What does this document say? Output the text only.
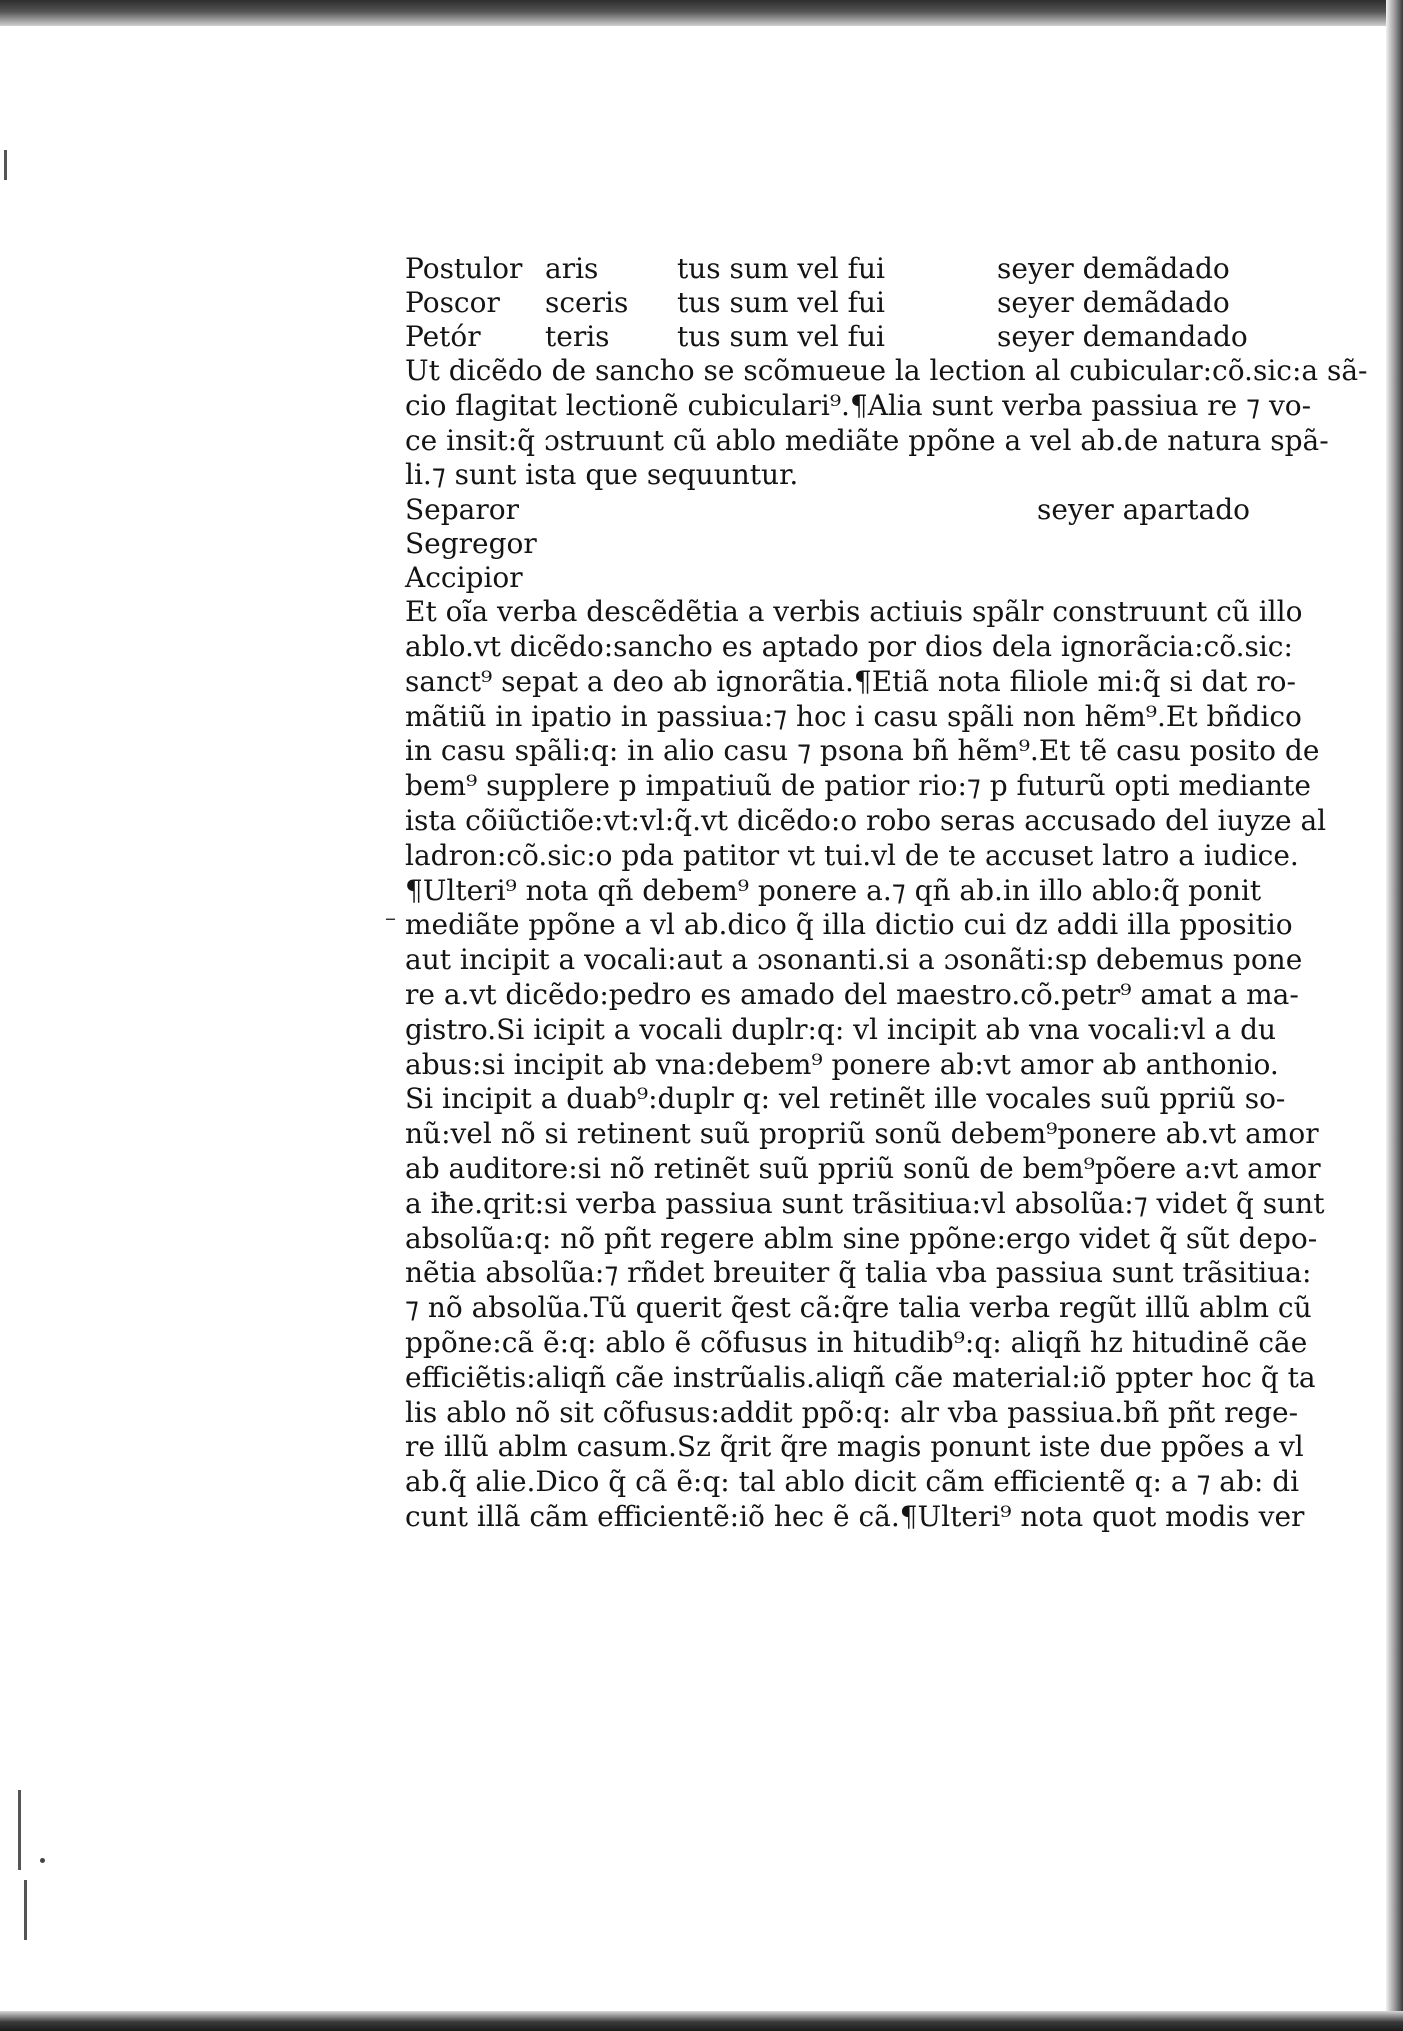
–
Postulor	aris	tus sum vel fui	seyer demãdado
Poscor	sceris	tus sum vel fui	seyer demãdado
Petór	teris	tus sum vel fui	seyer demandado
Ut dicẽdo de sancho se scõmueue la lection al cubicular:cõ.sic:a sã-
cio flagitat lectionẽ cubiculari⁹.¶Alia sunt verba passiua re ⁊ vo-
ce insit:q̃ ɔstruunt cũ ablo mediãte ppõne a vel ab.de natura spã-
li.⁊ sunt ista que sequuntur.
Separor	seyer apartado
Segregor
Accipior
Et oĩa verba descẽdẽtia a verbis actiuis spãlr construunt cũ illo
ablo.vt dicẽdo:sancho es aptado por dios dela ignorãcia:cõ.sic:
sanct⁹ sepat a deo ab ignorãtia.¶Etiã nota filiole mi:q̃ si dat ro-
mãtiũ in ipatio in passiua:⁊ hoc i casu spãli non hẽm⁹.Et bñdico
in casu spãli:q: in alio casu ⁊ psona bñ hẽm⁹.Et tẽ casu posito de
bem⁹ supplere p impatiuũ de patior rio:⁊ p futurũ opti mediante
ista cõiũctiõe:vt:vl:q̃.vt dicẽdo:o robo seras accusado del iuyze al
ladron:cõ.sic:o pda patitor vt tui.vl de te accuset latro a iudice.
¶Ulteri⁹ nota qñ debem⁹ ponere a.⁊ qñ ab.in illo ablo:q̃ ponit
mediãte ppõne a vl ab.dico q̃ illa dictio cui dz addi illa ppositio
aut incipit a vocali:aut a ɔsonanti.si a ɔsonãti:sp debemus pone
re a.vt dicẽdo:pedro es amado del maestro.cõ.petr⁹ amat a ma-
gistro.Si icipit a vocali duplr:q: vl incipit ab vna vocali:vl a du
abus:si incipit ab vna:debem⁹ ponere ab:vt amor ab anthonio.
Si incipit a duab⁹:duplr q: vel retinẽt ille vocales suũ ppriũ so-
nũ:vel nõ si retinent suũ propriũ sonũ debem⁹ponere ab.vt amor
ab auditore:si nõ retinẽt suũ ppriũ sonũ de bem⁹põere a:vt amor
a iħe.qrit:si verba passiua sunt trãsitiua:vl absolũa:⁊ videt q̃ sunt
absolũa:q: nõ pñt regere ablm sine ppõne:ergo videt q̃ sũt depo-
nẽtia absolũa:⁊ rñdet breuiter q̃ talia vba passiua sunt trãsitiua:
⁊ nõ absolũa.Tũ querit q̃est cã:q̃re talia verba regũt illũ ablm cũ
ppõne:cã ẽ:q: ablo ẽ cõfusus in hitudib⁹:q: aliqñ hz hitudinẽ cãe
efficiẽtis:aliqñ cãe instrũalis.aliqñ cãe material:iõ ppter hoc q̃ ta
lis ablo nõ sit cõfusus:addit ppõ:q: alr vba passiua.bñ pñt rege-
re illũ ablm casum.Sz q̃rit q̃re magis ponunt iste due ppões a vl
ab.q̃ alie.Dico q̃ cã ẽ:q: tal ablo dicit cãm efficientẽ q: a ⁊ ab: di
cunt illã cãm efficientẽ:iõ hec ẽ cã.¶Ulteri⁹ nota quot modis ver
